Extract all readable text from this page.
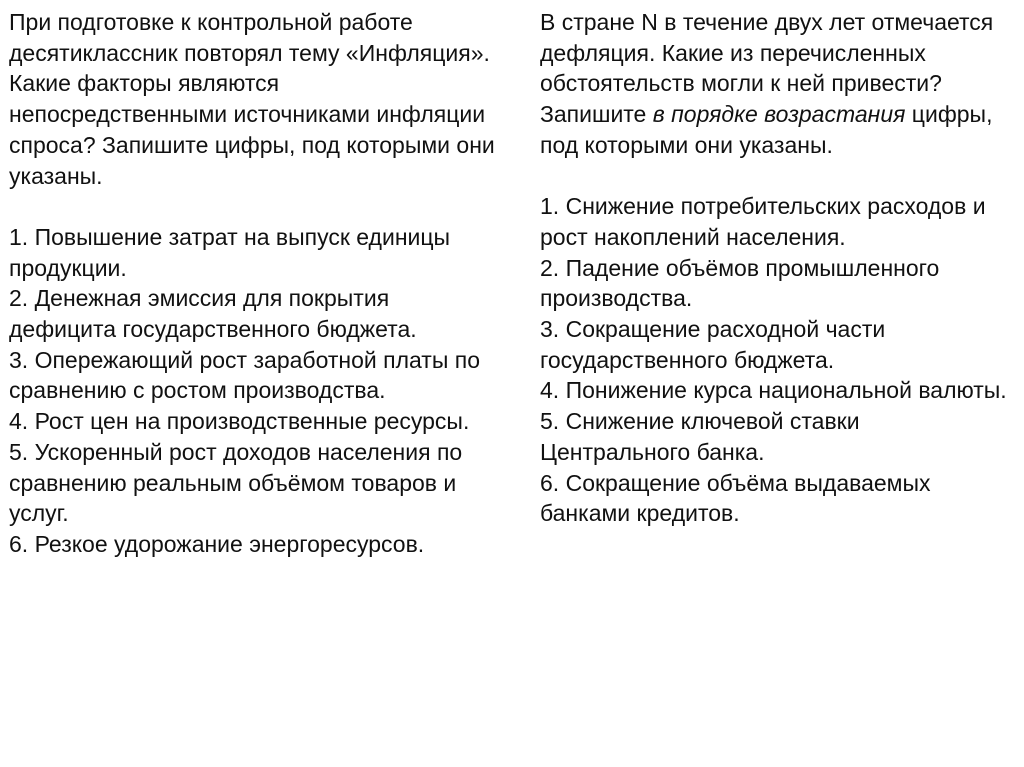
При подготовке к контрольной работе десятиклассник повторял тему «Инфляция». Какие факторы являются непосредственными источниками инфляции спроса? Запишите цифры, под которыми они указаны.

1. Повышение затрат на выпуск единицы продукции.
2. Денежная эмиссия для покрытия дефицита государственного бюджета.
3. Опережающий рост заработной платы по сравнению с ростом производства.
4. Рост цен на производственные ресурсы.
5. Ускоренный рост доходов населения по сравнению реальным объёмом товаров и услуг.
6. Резкое удорожание энергоресурсов.

В стране N в течение двух лет отмечается дефляция. Какие из перечисленных обстоятельств могли к ней привести? Запишите в порядке возрастания цифры, под которыми они указаны.

1. Снижение потребительских расходов и рост накоплений населения.
2. Падение объёмов промышленного производства.
3. Сокращение расходной части государственного бюджета.
4. Понижение курса национальной валюты.
5. Снижение ключевой ставки Центрального банка.
6. Сокращение объёма выдаваемых банками кредитов.
